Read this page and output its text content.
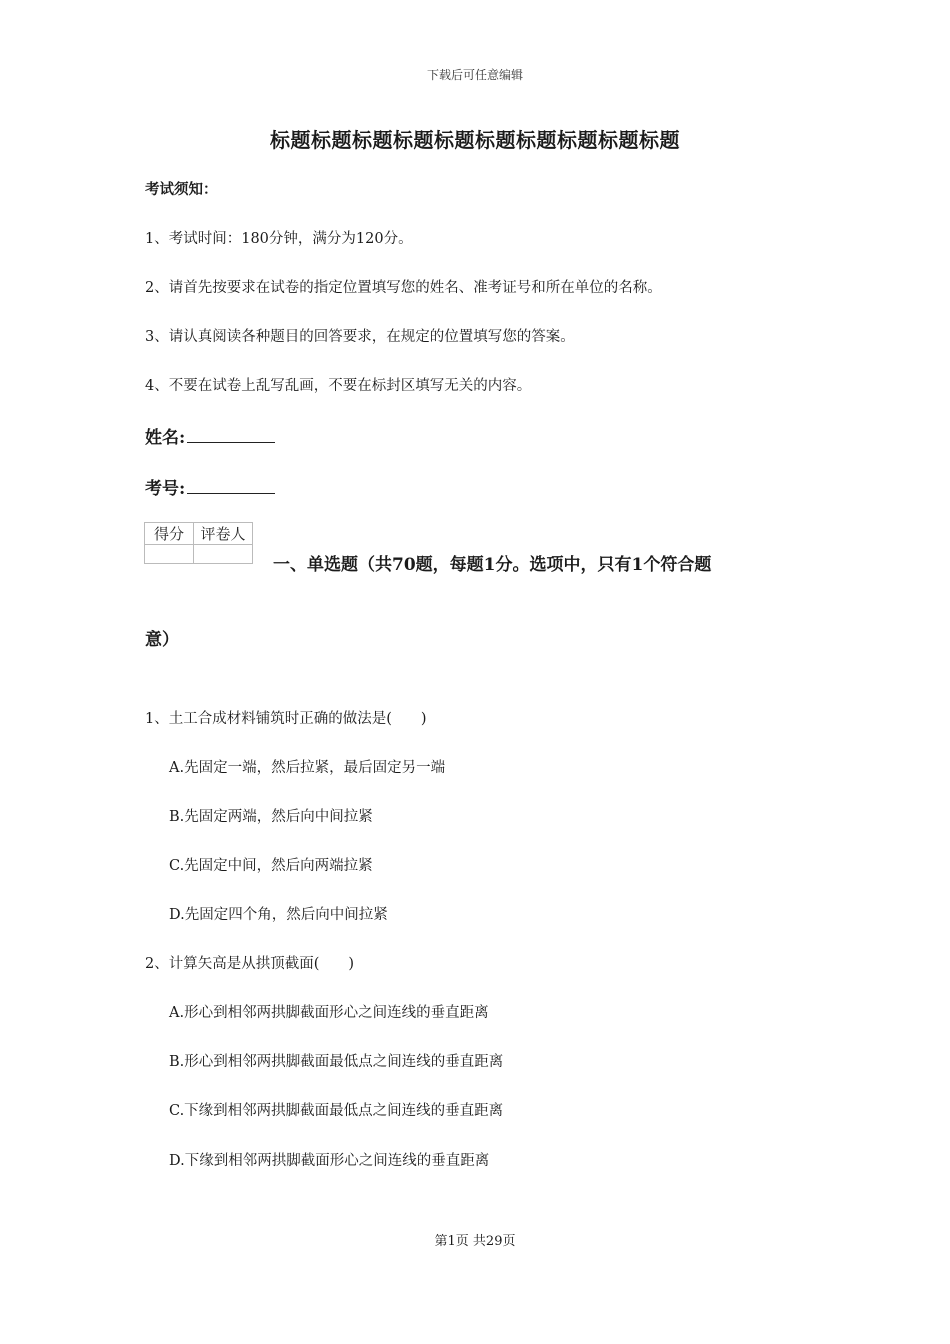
下载后可任意编辑
标题标题标题标题标题标题标题标题标题标题
考试须知：
1、考试时间：180分钟，满分为120分。
2、请首先按要求在试卷的指定位置填写您的姓名、准考证号和所在单位的名称。
3、请认真阅读各种题目的回答要求，在规定的位置填写您的答案。
4、不要在试卷上乱写乱画，不要在标封区填写无关的内容。
姓名:
考号:
得分	评卷人

一、单选题（共70题，每题1分。选项中，只有1个符合题
意）
1、土工合成材料铺筑时正确的做法是(　　)
A.先固定一端，然后拉紧，最后固定另一端
B.先固定两端，然后向中间拉紧
C.先固定中间，然后向两端拉紧
D.先固定四个角，然后向中间拉紧
2、计算矢高是从拱顶截面(　　)
A.形心到相邻两拱脚截面形心之间连线的垂直距离
B.形心到相邻两拱脚截面最低点之间连线的垂直距离
C.下缘到相邻两拱脚截面最低点之间连线的垂直距离
D.下缘到相邻两拱脚截面形心之间连线的垂直距离
第1页 共29页
